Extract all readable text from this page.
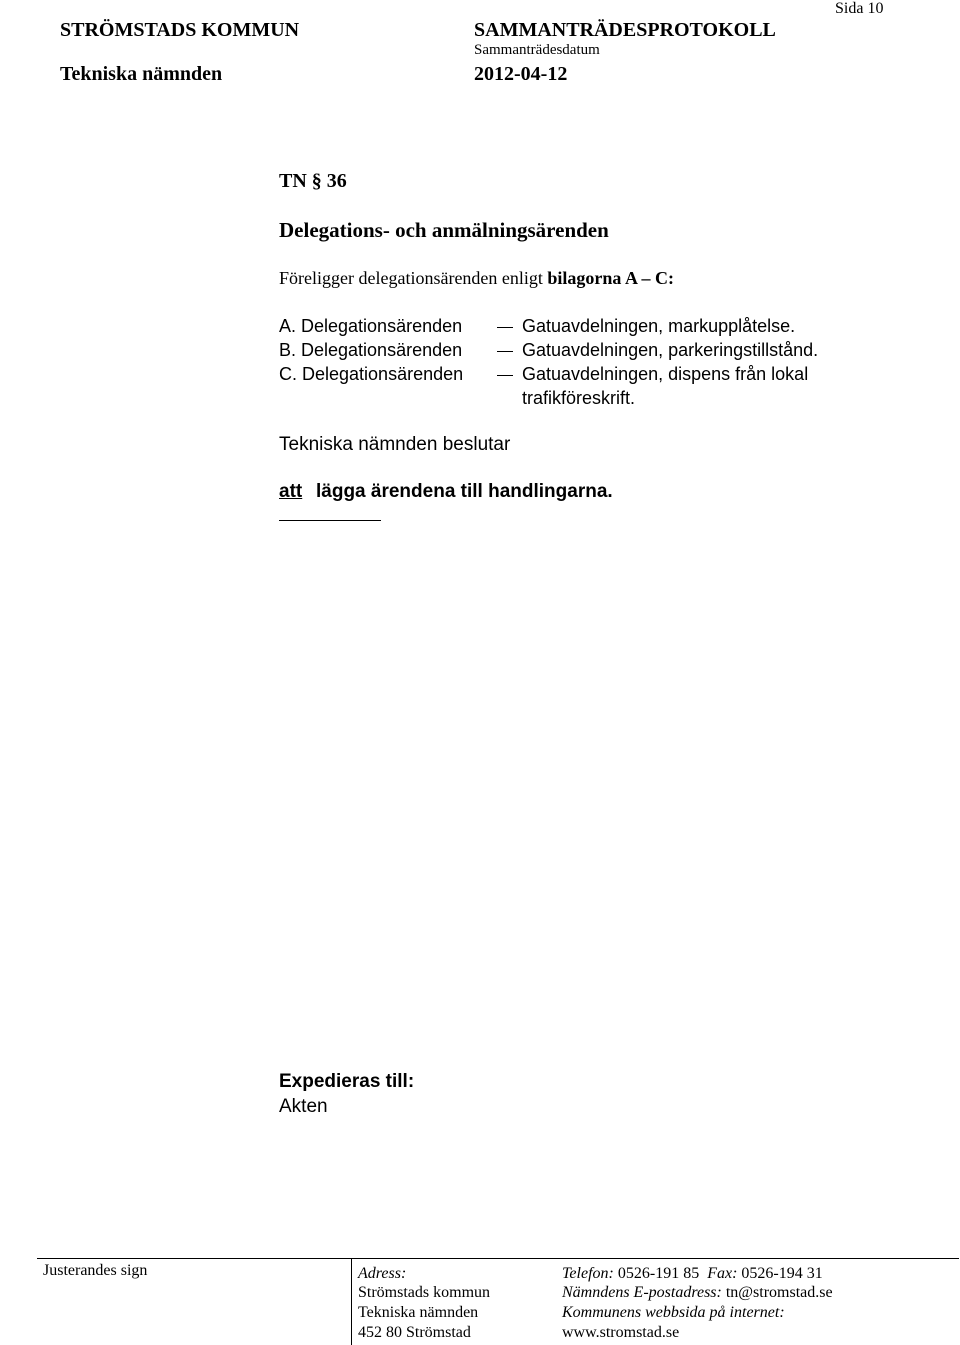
STRÖMSTADS KOMMUN
Tekniska nämnden
SAMMANTRÄDESPROTOKOLL
Sammanträdesdatum
2012-04-12
Sida 10
TN § 36
Delegations- och anmälningsärenden
Föreligger delegationsärenden enligt bilagorna A – C:
A. Delegationsärenden	Gatuavdelningen, markupplåtelse.
B. Delegationsärenden	Gatuavdelningen, parkeringstillstånd.
C. Delegationsärenden	Gatuavdelningen, dispens från lokal
trafikföreskrift.
Tekniska nämnden beslutar
att lägga ärendena till handlingarna.
Expedieras till:
Akten
Justerandes sign	Adress:
Strömstads kommun
Tekniska nämnden
452 80 Strömstad
Telefon: 0526-191 85 Fax: 0526-194 31
Nämndens E-postadress: tn@stromstad.se
Kommunens webbsida på internet:
www.stromstad.se
